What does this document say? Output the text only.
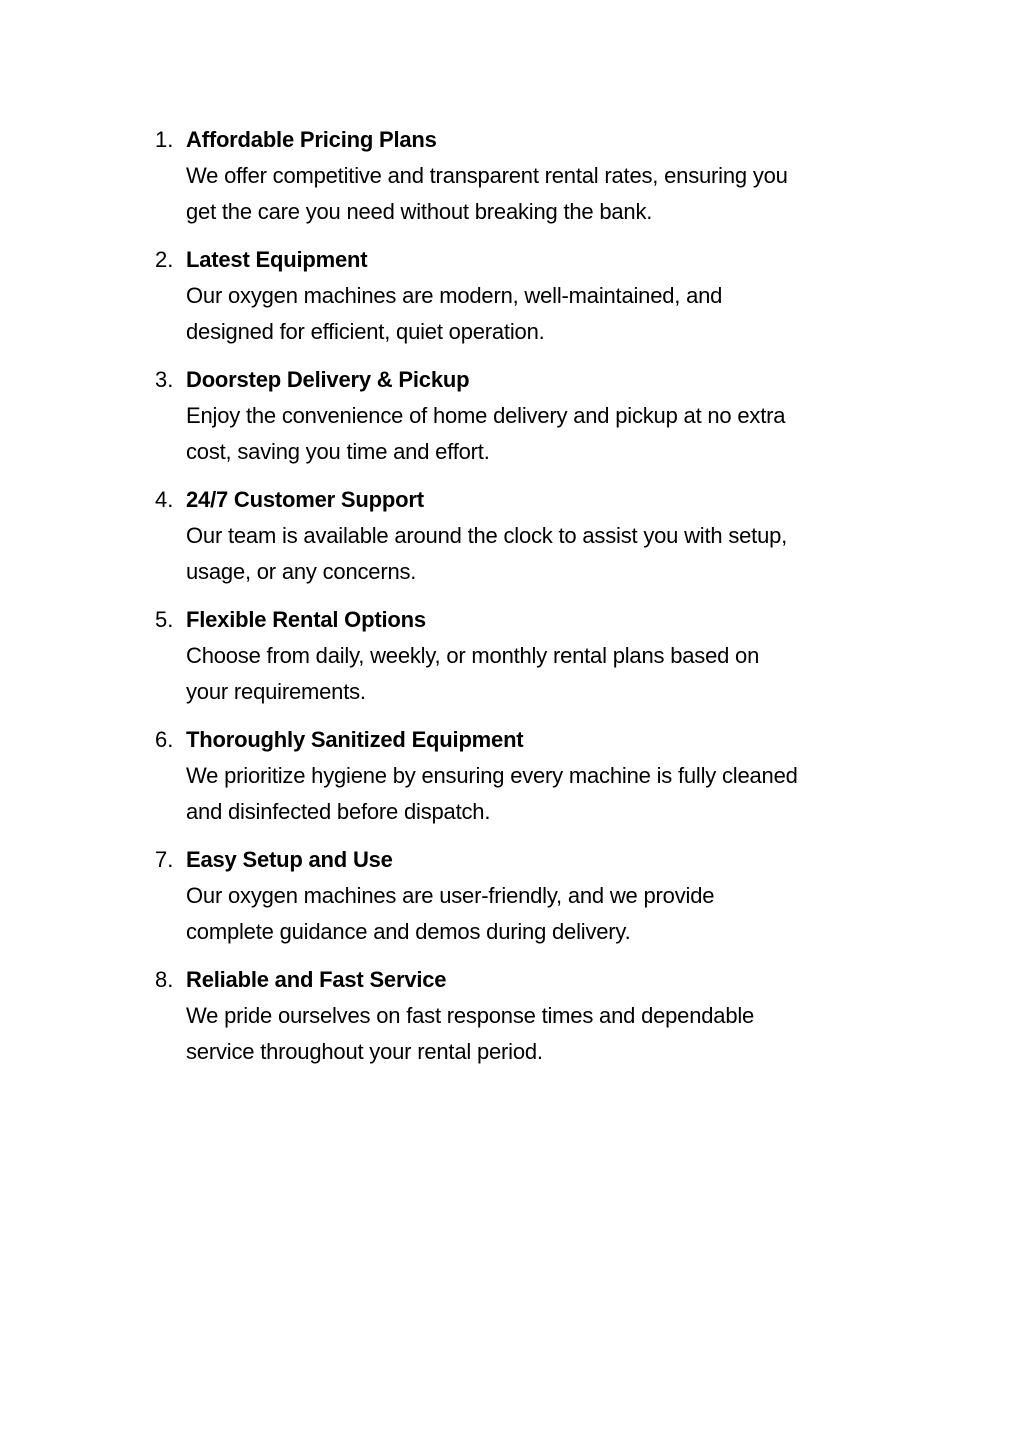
1. Affordable Pricing Plans
We offer competitive and transparent rental rates, ensuring you
get the care you need without breaking the bank.
2. Latest Equipment
Our oxygen machines are modern, well-maintained, and
designed for efficient, quiet operation.
3. Doorstep Delivery & Pickup
Enjoy the convenience of home delivery and pickup at no extra
cost, saving you time and effort.
4. 24/7 Customer Support
Our team is available around the clock to assist you with setup,
usage, or any concerns.
5. Flexible Rental Options
Choose from daily, weekly, or monthly rental plans based on
your requirements.
6. Thoroughly Sanitized Equipment
We prioritize hygiene by ensuring every machine is fully cleaned
and disinfected before dispatch.
7. Easy Setup and Use
Our oxygen machines are user-friendly, and we provide
complete guidance and demos during delivery.
8. Reliable and Fast Service
We pride ourselves on fast response times and dependable
service throughout your rental period.
